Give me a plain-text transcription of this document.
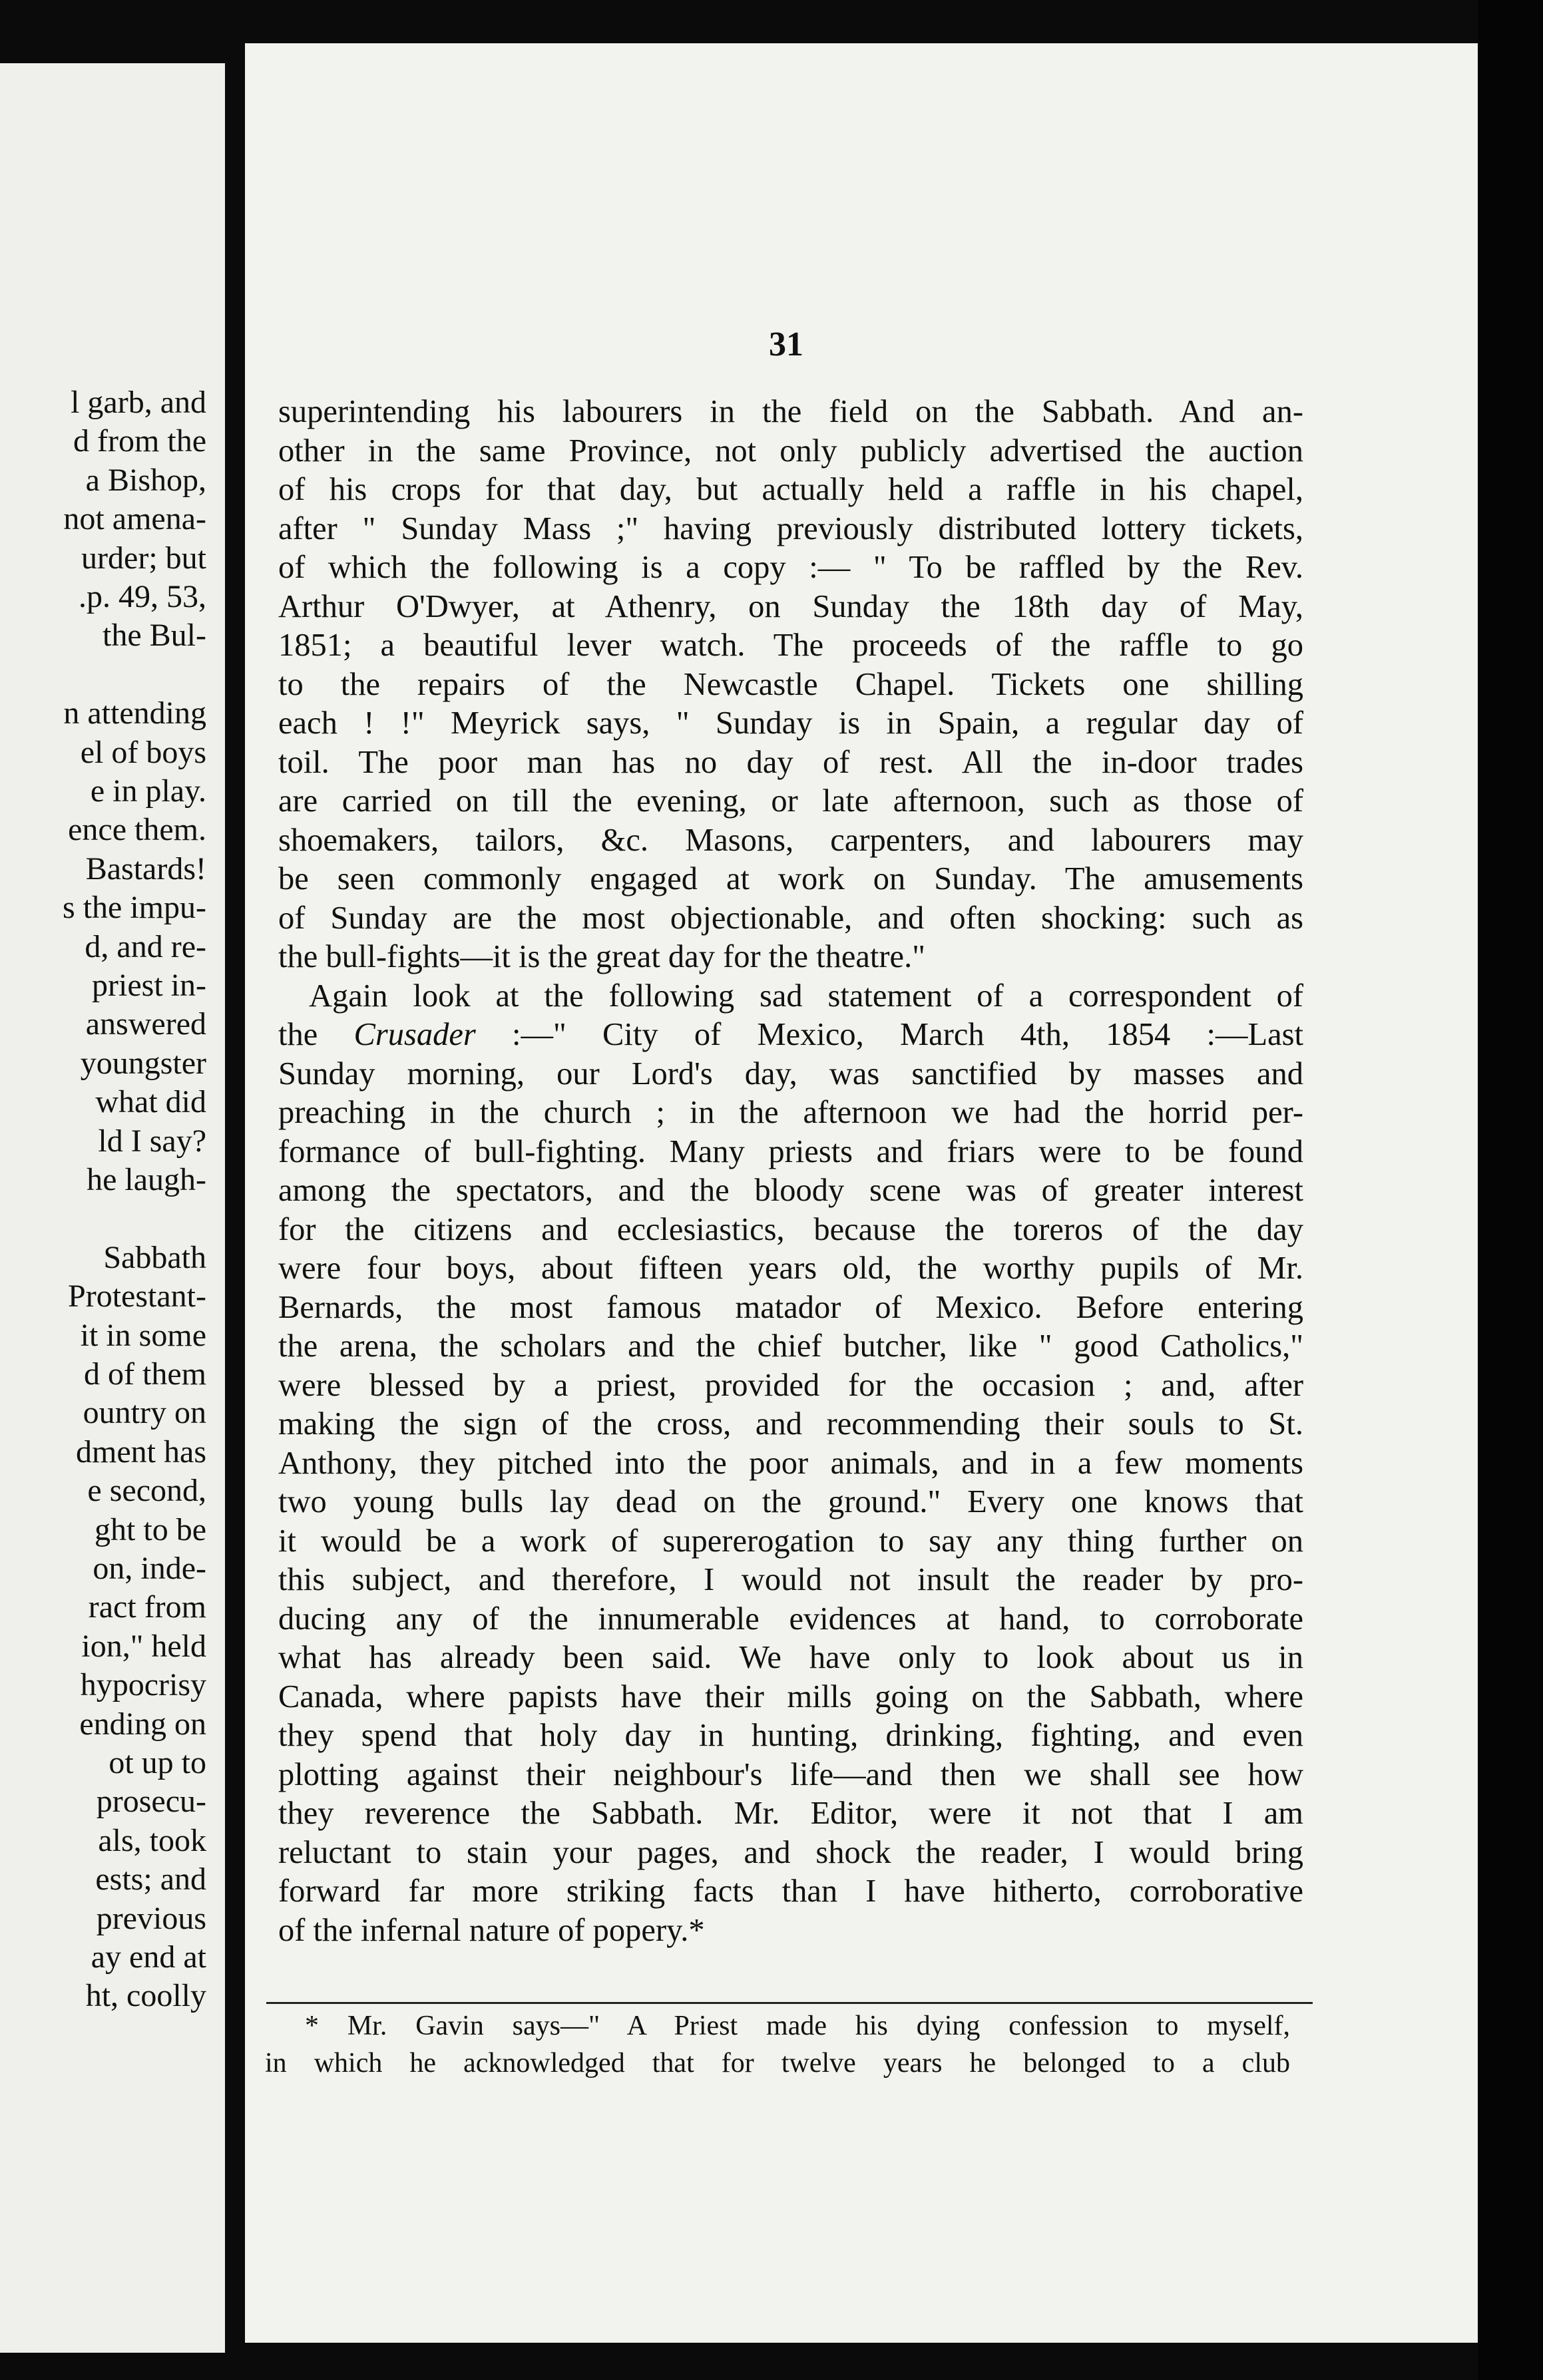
l garb, and
d from the
a Bishop,
not amena-
urder; but
.p. 49, 53,
the Bul-
n attending
el of boys
e in play.
ence them.
Bastards!
s the impu-
d, and re-
priest in-
answered
youngster
what did
ld I say?
he laugh-
Sabbath
Protestant-
it in some
d of them
ountry on
dment has
e second,
ght to be
on, inde-
ract from
ion," held
hypocrisy
ending on
ot up to
prosecu-
als, took
ests; and
previous
ay end at
ht, coolly
31
superintending his labourers in the field on the Sabbath. And an-
other in the same Province, not only publicly advertised the auction
of his crops for that day, but actually held a raffle in his chapel,
after " Sunday Mass ;" having previously distributed lottery tickets,
of which the following is a copy :— " To be raffled by the Rev.
Arthur O'Dwyer, at Athenry, on Sunday the 18th day of May,
1851; a beautiful lever watch. The proceeds of the raffle to go
to the repairs of the Newcastle Chapel. Tickets one shilling
each ! !" Meyrick says, " Sunday is in Spain, a regular day of
toil. The poor man has no day of rest. All the in-door trades
are carried on till the evening, or late afternoon, such as those of
shoemakers, tailors, &c. Masons, carpenters, and labourers may
be seen commonly engaged at work on Sunday. The amusements
of Sunday are the most objectionable, and often shocking: such as
the bull-fights—it is the great day for the theatre."
Again look at the following sad statement of a correspondent of
the Crusader :—" City of Mexico, March 4th, 1854 :—Last
Sunday morning, our Lord's day, was sanctified by masses and
preaching in the church ; in the afternoon we had the horrid per-
formance of bull-fighting. Many priests and friars were to be found
among the spectators, and the bloody scene was of greater interest
for the citizens and ecclesiastics, because the toreros of the day
were four boys, about fifteen years old, the worthy pupils of Mr.
Bernards, the most famous matador of Mexico. Before entering
the arena, the scholars and the chief butcher, like " good Catholics,"
were blessed by a priest, provided for the occasion ; and, after
making the sign of the cross, and recommending their souls to St.
Anthony, they pitched into the poor animals, and in a few moments
two young bulls lay dead on the ground." Every one knows that
it would be a work of supererogation to say any thing further on
this subject, and therefore, I would not insult the reader by pro-
ducing any of the innumerable evidences at hand, to corroborate
what has already been said. We have only to look about us in
Canada, where papists have their mills going on the Sabbath, where
they spend that holy day in hunting, drinking, fighting, and even
plotting against their neighbour's life—and then we shall see how
they reverence the Sabbath. Mr. Editor, were it not that I am
reluctant to stain your pages, and shock the reader, I would bring
forward far more striking facts than I have hitherto, corroborative
of the infernal nature of popery.*
* Mr. Gavin says—" A Priest made his dying confession to myself,
in which he acknowledged that for twelve years he belonged to a club
